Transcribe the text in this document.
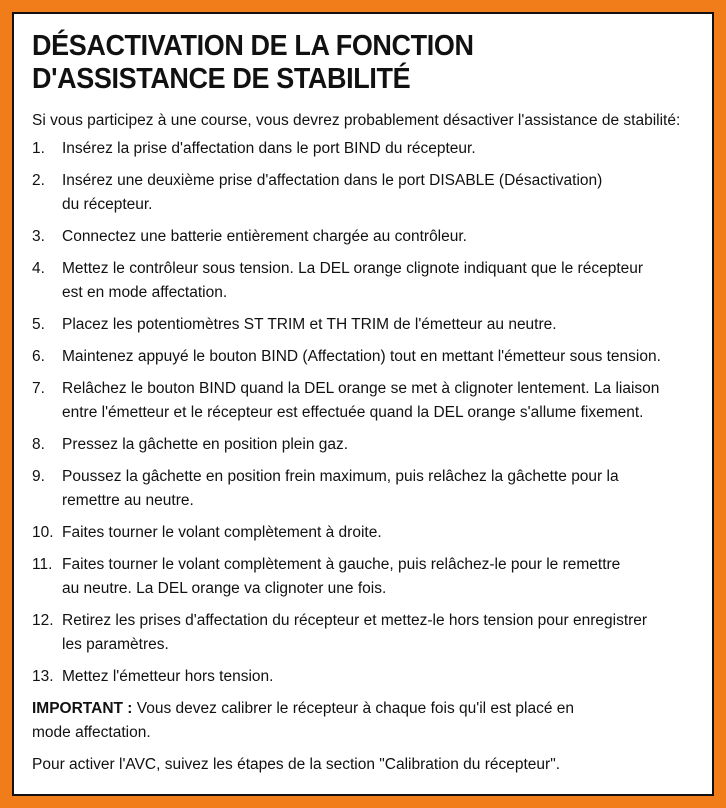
DÉSACTIVATION DE LA FONCTION
D'ASSISTANCE DE STABILITÉ

Si vous participez à une course, vous devrez probablement désactiver l'assistance de stabilité:

1.	Insérez la prise d'affectation dans le port BIND du récepteur.
2.	Insérez une deuxième prise d'affectation dans le port DISABLE (Désactivation)
du récepteur.
3.	Connectez une batterie entièrement chargée au contrôleur.
4.	Mettez le contrôleur sous tension. La DEL orange clignote indiquant que le récepteur
est en mode affectation.
5.	Placez les potentiomètres ST TRIM et TH TRIM de l'émetteur au neutre.
6.	Maintenez appuyé le bouton BIND (Affectation) tout en mettant l'émetteur sous tension.
7.	Relâchez le bouton BIND quand la DEL orange se met à clignoter lentement. La liaison
entre l'émetteur et le récepteur est effectuée quand la DEL orange s'allume fixement.
8.	Pressez la gâchette en position plein gaz.
9.	Poussez la gâchette en position frein maximum, puis relâchez la gâchette pour la
remettre au neutre.
10. Faites tourner le volant complètement à droite.
11. Faites tourner le volant complètement à gauche, puis relâchez-le pour le remettre
au neutre. La DEL orange va clignoter une fois.
12. Retirez les prises d'affectation du récepteur et mettez-le hors tension pour enregistrer
les paramètres.
13. Mettez l'émetteur hors tension.

IMPORTANT : Vous devez calibrer le récepteur à chaque fois qu'il est placé en
mode affectation.

Pour activer l'AVC, suivez les étapes de la section "Calibration du récepteur".
